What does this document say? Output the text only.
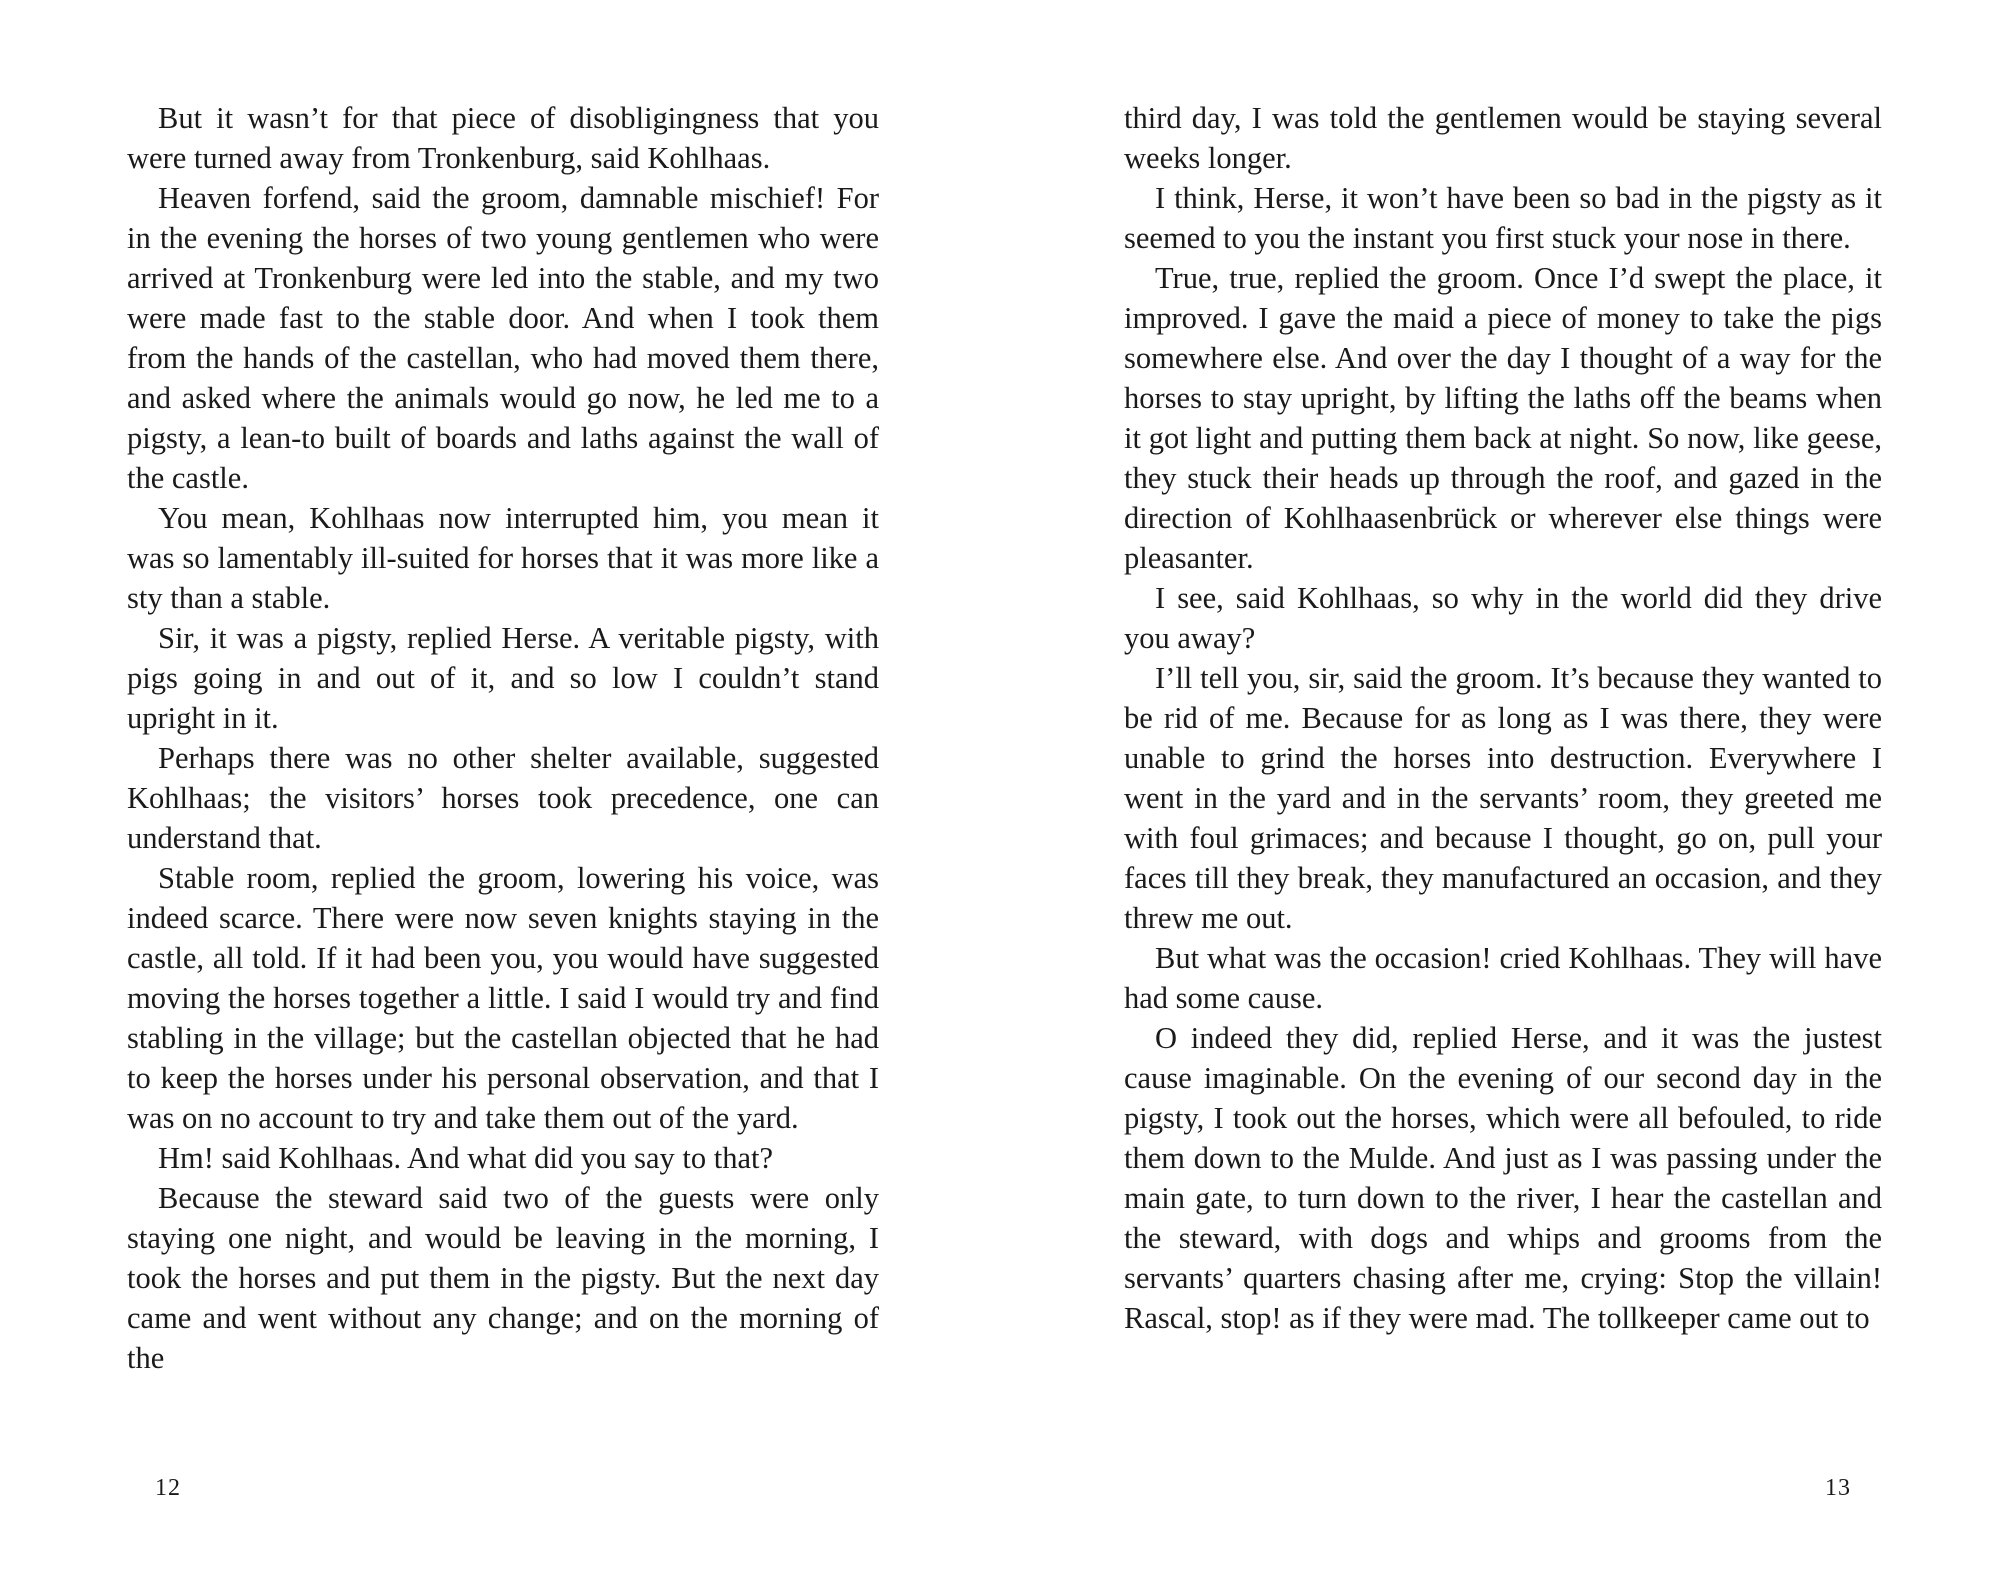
But it wasn’t for that piece of disobligingness that you were turned away from Tronkenburg, said Kohlhaas.

Heaven forfend, said the groom, damnable mischief! For in the evening the horses of two young gentlemen who were arrived at Tronkenburg were led into the stable, and my two were made fast to the stable door. And when I took them from the hands of the castellan, who had moved them there, and asked where the animals would go now, he led me to a pigsty, a lean-to built of boards and laths against the wall of the castle.

You mean, Kohlhaas now interrupted him, you mean it was so lamentably ill-suited for horses that it was more like a sty than a stable.

Sir, it was a pigsty, replied Herse. A veritable pigsty, with pigs going in and out of it, and so low I couldn’t stand upright in it.

Perhaps there was no other shelter available, suggested Kohlhaas; the visitors’ horses took precedence, one can understand that.

Stable room, replied the groom, lowering his voice, was indeed scarce. There were now seven knights staying in the castle, all told. If it had been you, you would have suggested moving the horses together a little. I said I would try and find stabling in the village; but the castellan objected that he had to keep the horses under his personal observation, and that I was on no account to try and take them out of the yard.

Hm! said Kohlhaas. And what did you say to that?

Because the steward said two of the guests were only staying one night, and would be leaving in the morning, I took the horses and put them in the pigsty. But the next day came and went without any change; and on the morning of the

12

third day, I was told the gentlemen would be staying several weeks longer.

I think, Herse, it won’t have been so bad in the pigsty as it seemed to you the instant you first stuck your nose in there.

True, true, replied the groom. Once I’d swept the place, it improved. I gave the maid a piece of money to take the pigs somewhere else. And over the day I thought of a way for the horses to stay upright, by lifting the laths off the beams when it got light and putting them back at night. So now, like geese, they stuck their heads up through the roof, and gazed in the direction of Kohlhaasenbrück or wherever else things were pleasanter.

I see, said Kohlhaas, so why in the world did they drive you away?

I’ll tell you, sir, said the groom. It’s because they wanted to be rid of me. Because for as long as I was there, they were unable to grind the horses into destruction. Everywhere I went in the yard and in the servants’ room, they greeted me with foul grimaces; and because I thought, go on, pull your faces till they break, they manufactured an occasion, and they threw me out.

But what was the occasion! cried Kohlhaas. They will have had some cause.

O indeed they did, replied Herse, and it was the justest cause imaginable. On the evening of our second day in the pigsty, I took out the horses, which were all befouled, to ride them down to the Mulde. And just as I was passing under the main gate, to turn down to the river, I hear the castellan and the steward, with dogs and whips and grooms from the servants’ quarters chasing after me, crying: Stop the villain! Rascal, stop! as if they were mad. The tollkeeper came out to

13
